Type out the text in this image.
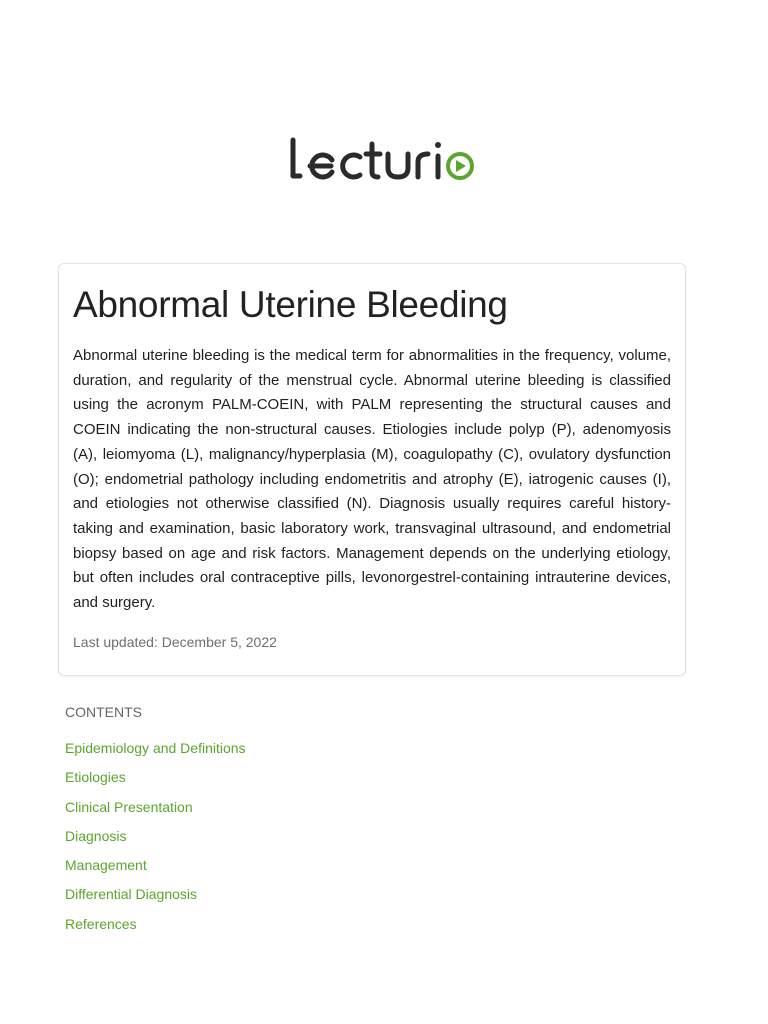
Abnormal Uterine Bleeding

Abnormal uterine bleeding is the medical term for abnormalities in the frequency, volume, duration, and regularity of the menstrual cycle. Abnormal uterine bleeding is classified using the acronym PALM-COEIN, with PALM representing the structural causes and COEIN indicating the non-structural causes. Etiologies include polyp (P), adenomyosis (A), leiomyoma (L), malignancy/hyperplasia (M), coagulopathy (C), ovulatory dysfunction (O); endometrial pathology including endometritis and atrophy (E), iatrogenic causes (I), and etiologies not otherwise classified (N). Diagnosis usually requires careful history-taking and examination, basic laboratory work, transvaginal ultrasound, and endometrial biopsy based on age and risk factors. Management depends on the underlying etiology, but often includes oral contraceptive pills, levonorgestrel-containing intrauterine devices, and surgery.

Last updated: December 5, 2022

CONTENTS
Epidemiology and Definitions
Etiologies
Clinical Presentation
Diagnosis
Management
Differential Diagnosis
References
